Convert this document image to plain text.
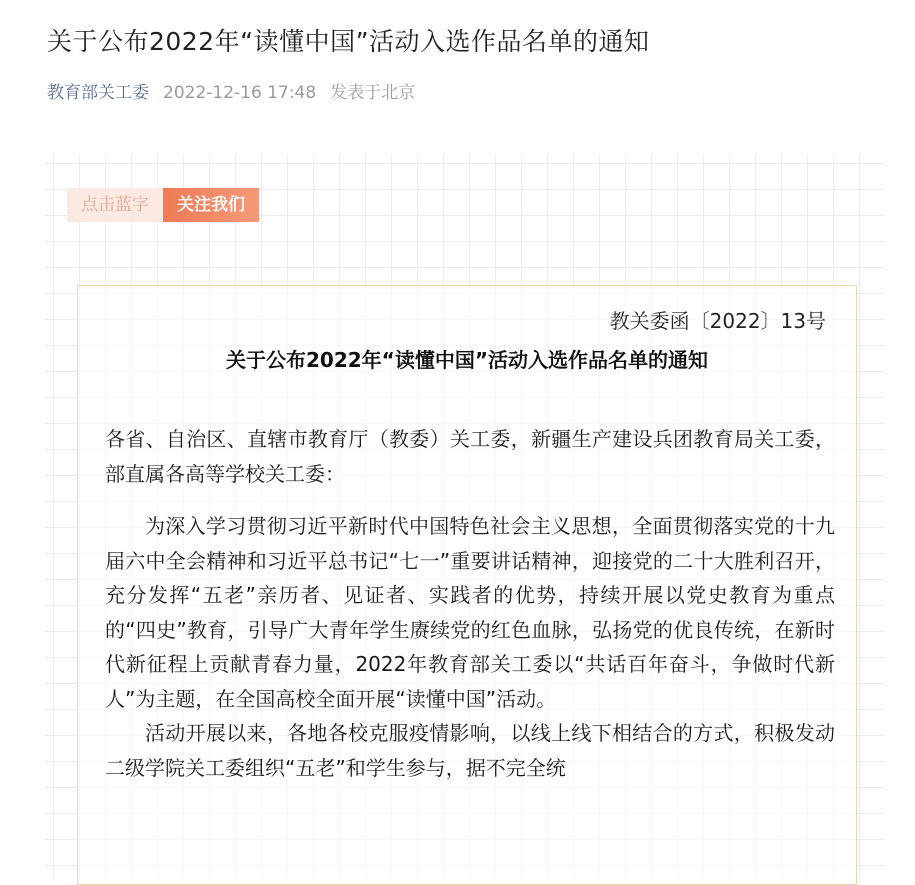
关于公布2022年“读懂中国”活动入选作品名单的通知
教育部关工委 2022-12-16 17:48 发表于北京
点击蓝字	关注我们
教关委函〔2022〕13号
关于公布2022年“读懂中国”活动入选作品名单的通知

各省、自治区、直辖市教育厅（教委）关工委，新疆生产建设兵团教育局关工委，部直属各高等学校关工委：

为深入学习贯彻习近平新时代中国特色社会主义思想，全面贯彻落实党的十九届六中全会精神和习近平总书记“七一”重要讲话精神，迎接党的二十大胜利召开，充分发挥“五老”亲历者、见证者、实践者的优势，持续开展以党史教育为重点的“四史”教育，引导广大青年学生赓续党的红色血脉，弘扬党的优良传统，在新时代新征程上贡献青春力量，2022年教育部关工委以“共话百年奋斗，争做时代新人”为主题，在全国高校全面开展“读懂中国”活动。

活动开展以来，各地各校克服疫情影响，以线上线下相结合的方式，积极发动二级学院关工委组织“五老”和学生参与，据不完全统
